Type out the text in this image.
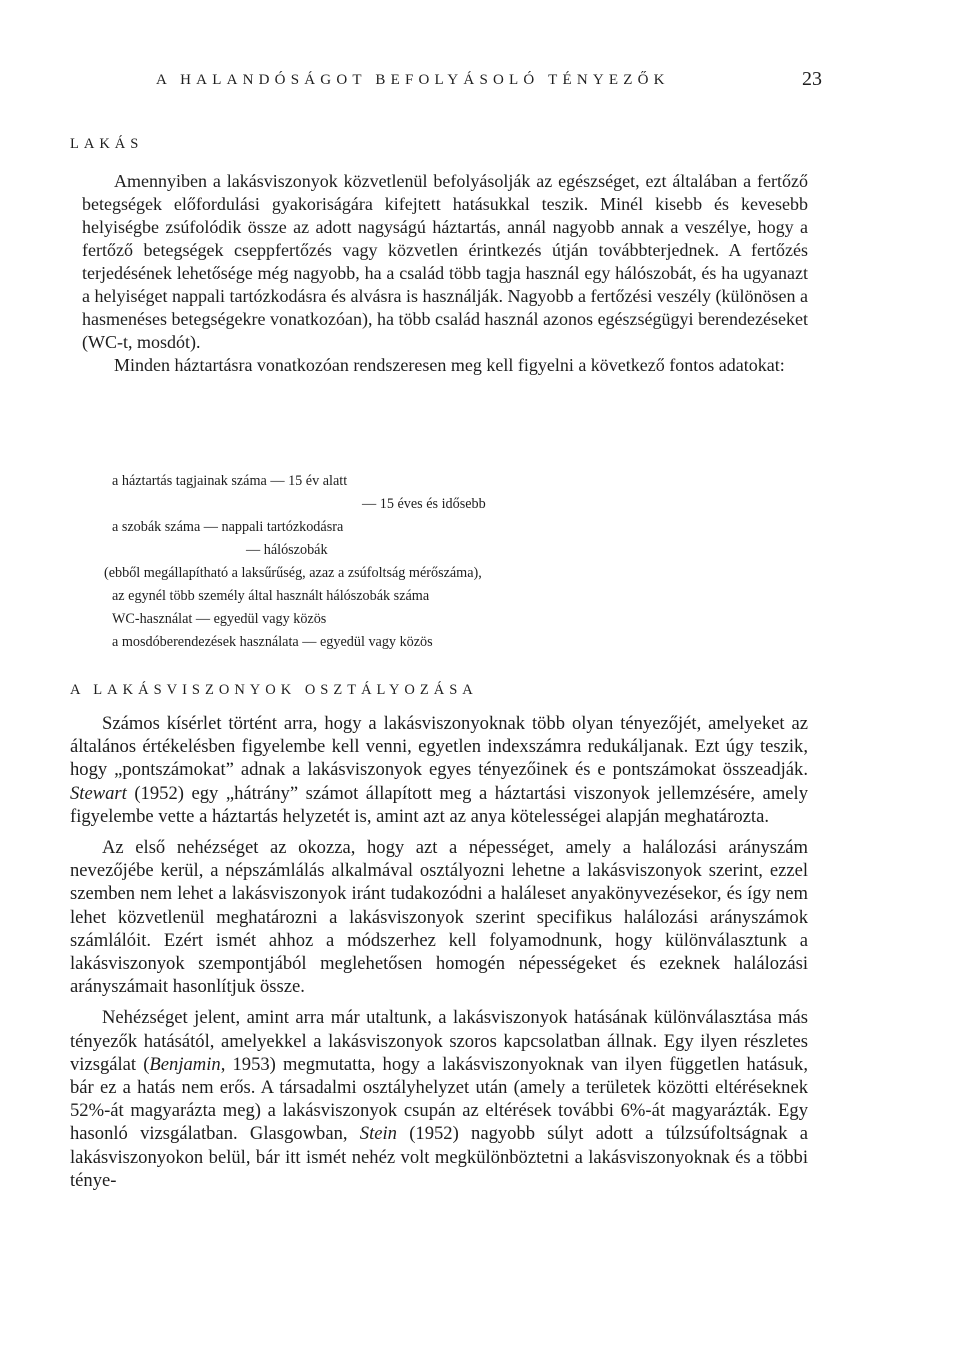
A HALANDÓSÁGOT BEFOLYÁSOLÓ TÉNYEZŐK	23
LAKÁS

Amennyiben a lakásviszonyok közvetlenül befolyásolják az egészséget, ezt általában a fertőző betegségek előfordulási gyakoriságára kifejtett hatásukkal teszik. Minél kisebb és kevesebb helyiségbe zsúfolódik össze az adott nagyságú háztartás, annál nagyobb annak a veszélye, hogy a fertőző betegségek cseppfertőzés vagy közvetlen érintkezés útján továbbterjednek. A fertőzés terjedésének lehetősége még nagyobb, ha a család több tagja használ egy hálószobát, és ha ugyanazt a helyiséget nappali tartózkodásra és alvásra is használják. Nagyobb a fertőzési veszély (különösen a hasmenéses betegségekre vonatkozóan), ha több család használ azonos egészségügyi berendezéseket (WC-t, mosdót).

Minden háztartásra vonatkozóan rendszeresen meg kell figyelni a következő fontos adatokat:

a háztartás tagjainak száma — 15 év alatt
— 15 éves és idősebb
a szobák száma — nappali tartózkodásra
— hálószobák
(ebből megállapítható a laksűrűség, azaz a zsúfoltság mérőszáma),
az egynél több személy által használt hálószobák száma
WC-használat — egyedül vagy közös
a mosdóberendezések használata — egyedül vagy közös
A LAKÁSVISZONYOK OSZTÁLYOZÁSA

Számos kísérlet történt arra, hogy a lakásviszonyoknak több olyan tényezőjét, amelyeket az általános értékelésben figyelembe kell venni, egyetlen indexszámra redukáljanak. Ezt úgy teszik, hogy „pontszámokat” adnak a lakásviszonyok egyes tényezőinek és e pontszámokat összeadják. Stewart (1952) egy „hátrány” számot állapított meg a háztartási viszonyok jellemzésére, amely figyelembe vette a háztartás helyzetét is, amint azt az anya kötelességei alapján meghatározta.

Az első nehézséget az okozza, hogy azt a népességet, amely a halálozási arányszám nevezőjébe kerül, a népszámlálás alkalmával osztályozni lehetne a lakásviszonyok szerint, ezzel szemben nem lehet a lakásviszonyok iránt tudakozódni a haláleset anyakönyvezésekor, és így nem lehet közvetlenül meghatározni a lakásviszonyok szerint specifikus halálozási arányszámok számlálóit. Ezért ismét ahhoz a módszerhez kell folyamodnunk, hogy különválasztunk a lakásviszonyok szempontjából meglehetősen homogén népességeket és ezeknek halálozási arányszámait hasonlítjuk össze.

Nehézséget jelent, amint arra már utaltunk, a lakásviszonyok hatásának különválasztása más tényezők hatásától, amelyekkel a lakásviszonyok szoros kapcsolatban állnak. Egy ilyen részletes vizsgálat (Benjamin, 1953) megmutatta, hogy a lakásviszonyoknak van ilyen független hatásuk, bár ez a hatás nem erős. A társadalmi osztályhelyzet után (amely a területek közötti eltéréseknek 52%-át magyarázta meg) a lakásviszonyok csupán az eltérések további 6%-át magyarázták. Egy hasonló vizsgálatban. Glasgowban, Stein (1952) nagyobb súlyt adott a túlzsúfoltságnak a lakásviszonyokon belül, bár itt ismét nehéz volt megkülönböztetni a lakásviszonyoknak és a többi ténye-
